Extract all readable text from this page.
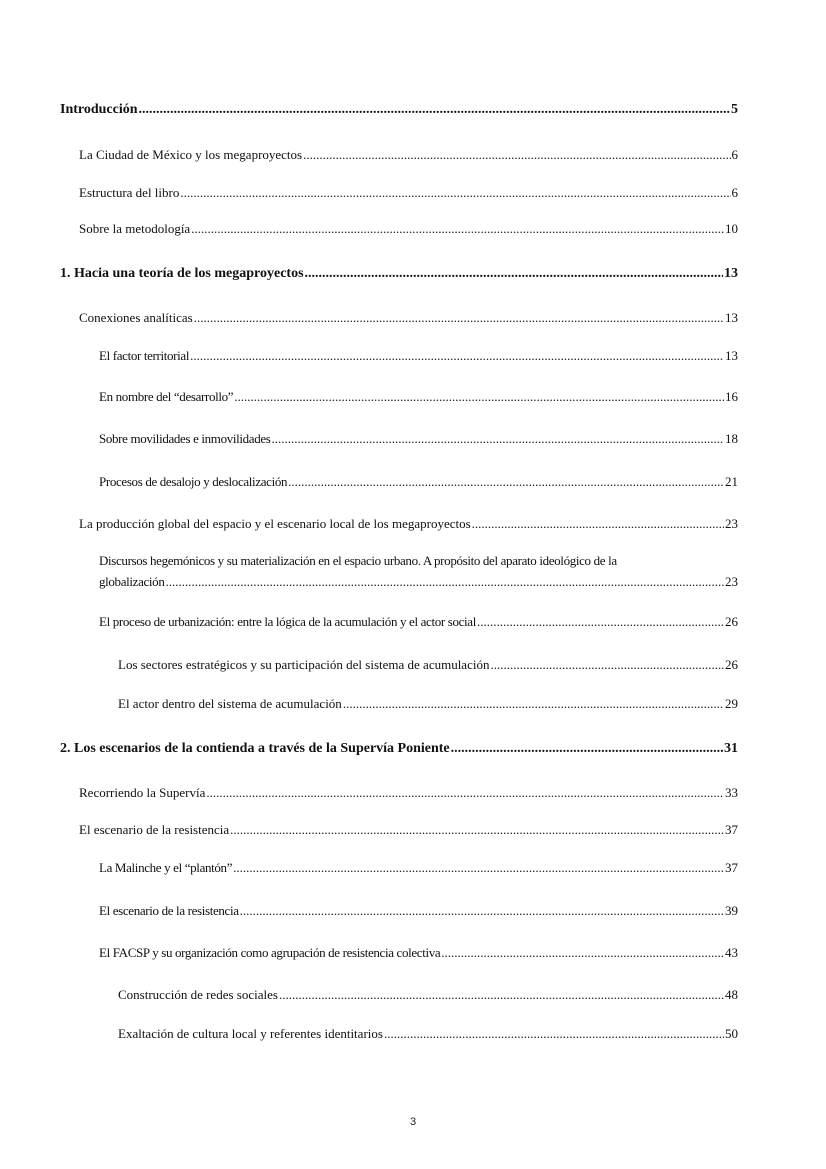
Introducción .....	5
La Ciudad de México y los megaproyectos .....	6
Estructura del libro .....	6
Sobre la metodología .....	10
1. Hacia una teoría de los megaproyectos .....	13
Conexiones analíticas .....	13
El factor territorial .....	13
En nombre del “desarrollo” .....	16
Sobre movilidades e inmovilidades .....	18
Procesos de desalojo y deslocalización .....	21
La producción global del espacio y el escenario local de los megaproyectos .....	23
Discursos hegemónicos y su materialización en el espacio urbano. A propósito del aparato ideológico de la
globalización .....	23
El proceso de urbanización: entre la lógica de la acumulación y el actor social .....	26
Los sectores estratégicos y su participación del sistema de acumulación .....	26
El actor dentro del sistema de acumulación .....	29
2. Los escenarios de la contienda a través de la Supervía Poniente .....	31
Recorriendo la Supervía .....	33
El escenario de la resistencia .....	37
La Malinche y el “plantón” .....	37
El escenario de la resistencia .....	39
El FACSP y su organización como agrupación de resistencia colectiva .....	43
Construcción de redes sociales .....	48
Exaltación de cultura local y referentes identitarios .....	50
3
